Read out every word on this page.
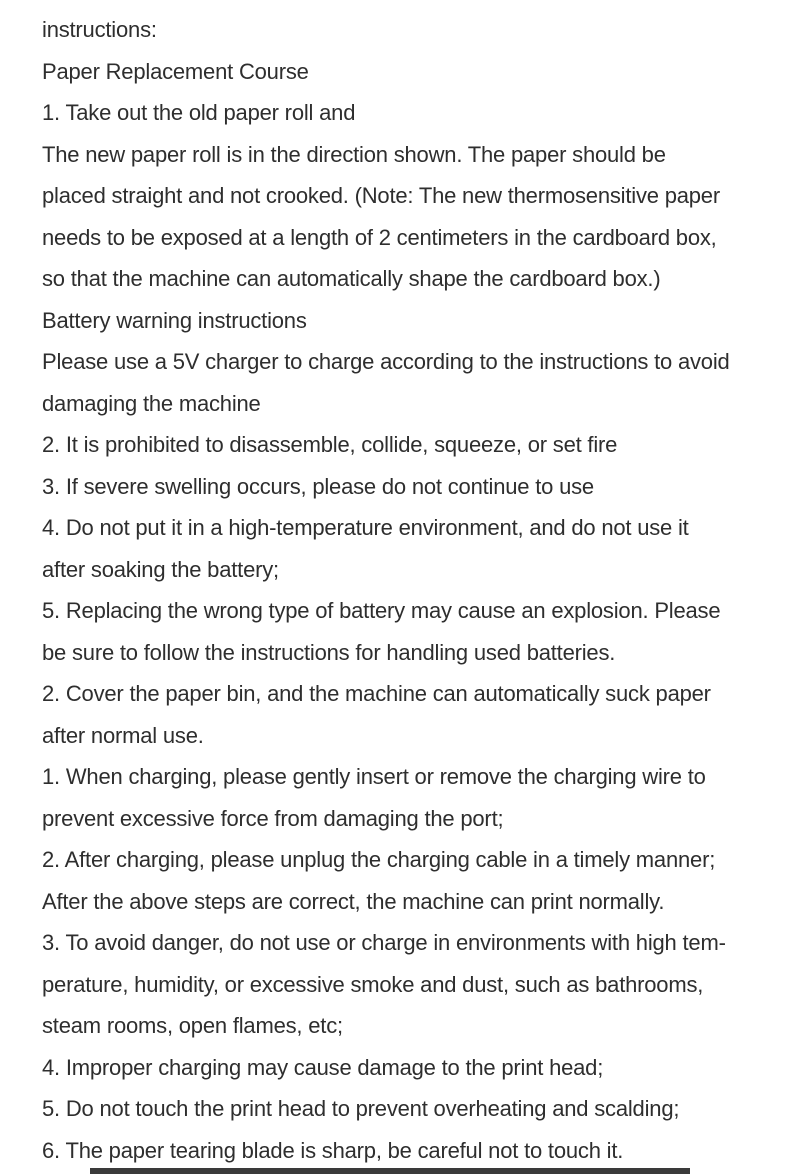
instructions:
Paper Replacement Course
1. Take out the old paper roll and
The new paper roll is in the direction shown. The paper should be
placed straight and not crooked. (Note: The new thermosensitive paper
needs to be exposed at a length of 2 centimeters in the cardboard box,
so that the machine can automatically shape the cardboard box.)
Battery warning instructions
Please use a 5V charger to charge according to the instructions to avoid
damaging the machine
2. It is prohibited to disassemble, collide, squeeze, or set fire
3. If severe swelling occurs, please do not continue to use
4. Do not put it in a high-temperature environment, and do not use it
after soaking the battery;
5. Replacing the wrong type of battery may cause an explosion. Please
be sure to follow the instructions for handling used batteries.
2. Cover the paper bin, and the machine can automatically suck paper
after normal use.
1. When charging, please gently insert or remove the charging wire to
prevent excessive force from damaging the port;
2. After charging, please unplug the charging cable in a timely manner;
After the above steps are correct, the machine can print normally.
3. To avoid danger, do not use or charge in environments with high tem-
perature, humidity, or excessive smoke and dust, such as bathrooms,
steam rooms, open flames, etc;
4. Improper charging may cause damage to the print head;
5. Do not touch the print head to prevent overheating and scalding;
6. The paper tearing blade is sharp, be careful not to touch it.
